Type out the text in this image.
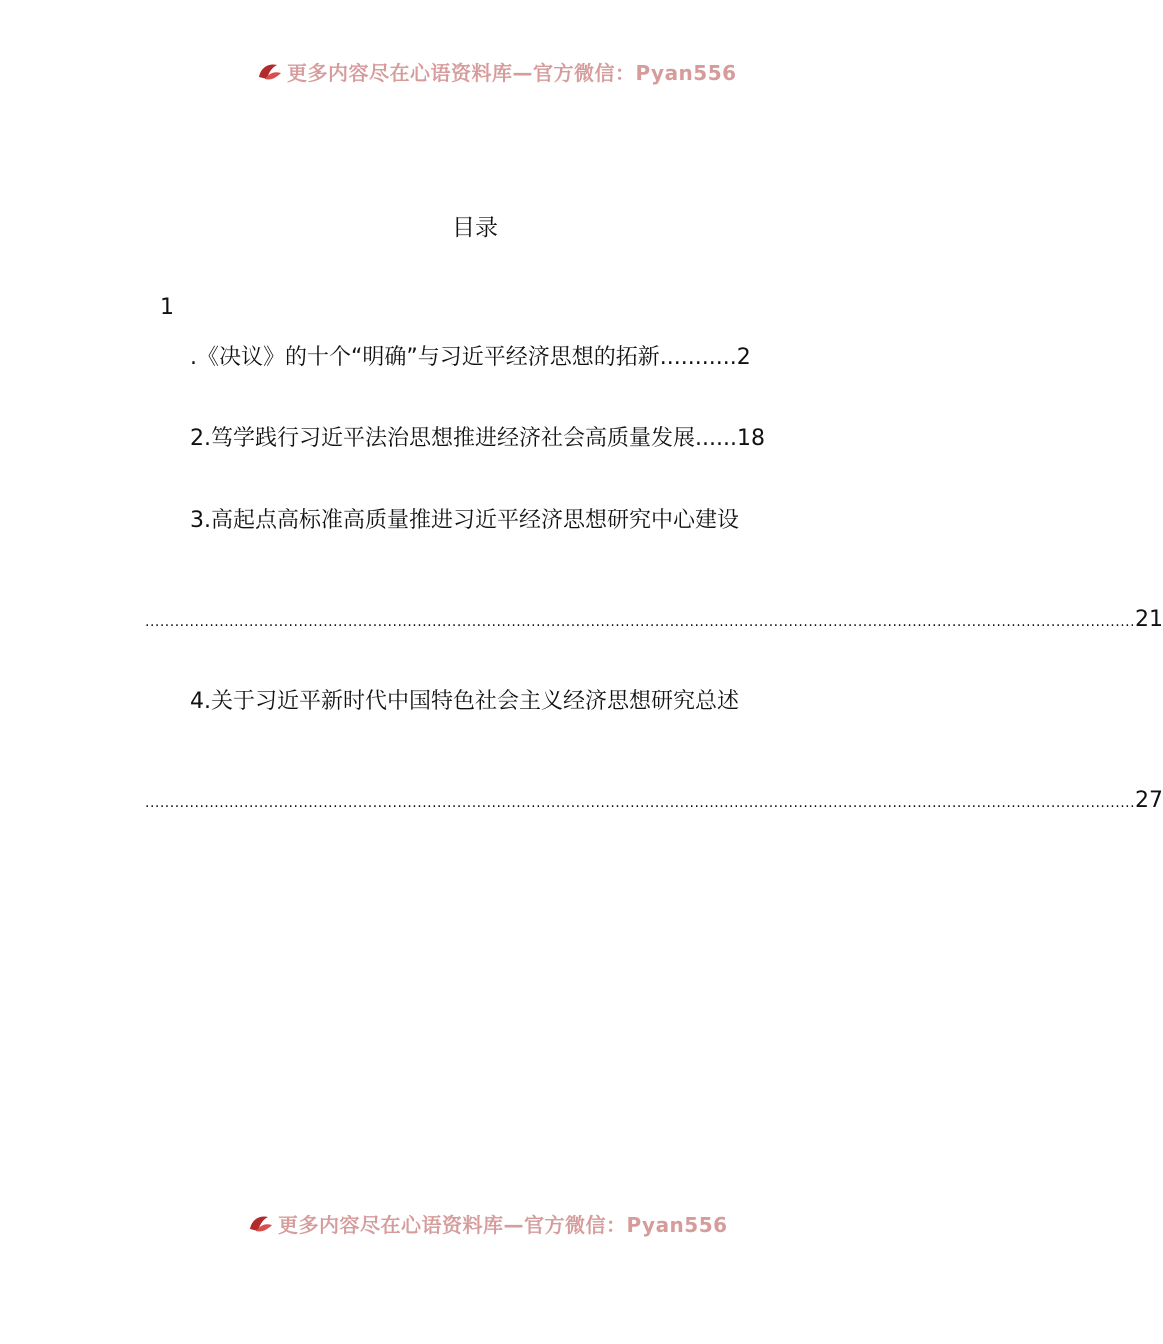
更多内容尽在心语资料库—官方微信：Pyan556
目录
1
.《决议》的十个“明确”与习近平经济思想的拓新 ........... 2
2.笃学践行习近平法治思想推进经济社会高质量发展 ...... 18
3.高起点高标准高质量推进习近平经济思想研究中心建设
........................................................................................................................................................................................................ 21
4.关于习近平新时代中国特色社会主义经济思想研究总述
........................................................................................................................................................................................................ 27
更多内容尽在心语资料库—官方微信：Pyan556
